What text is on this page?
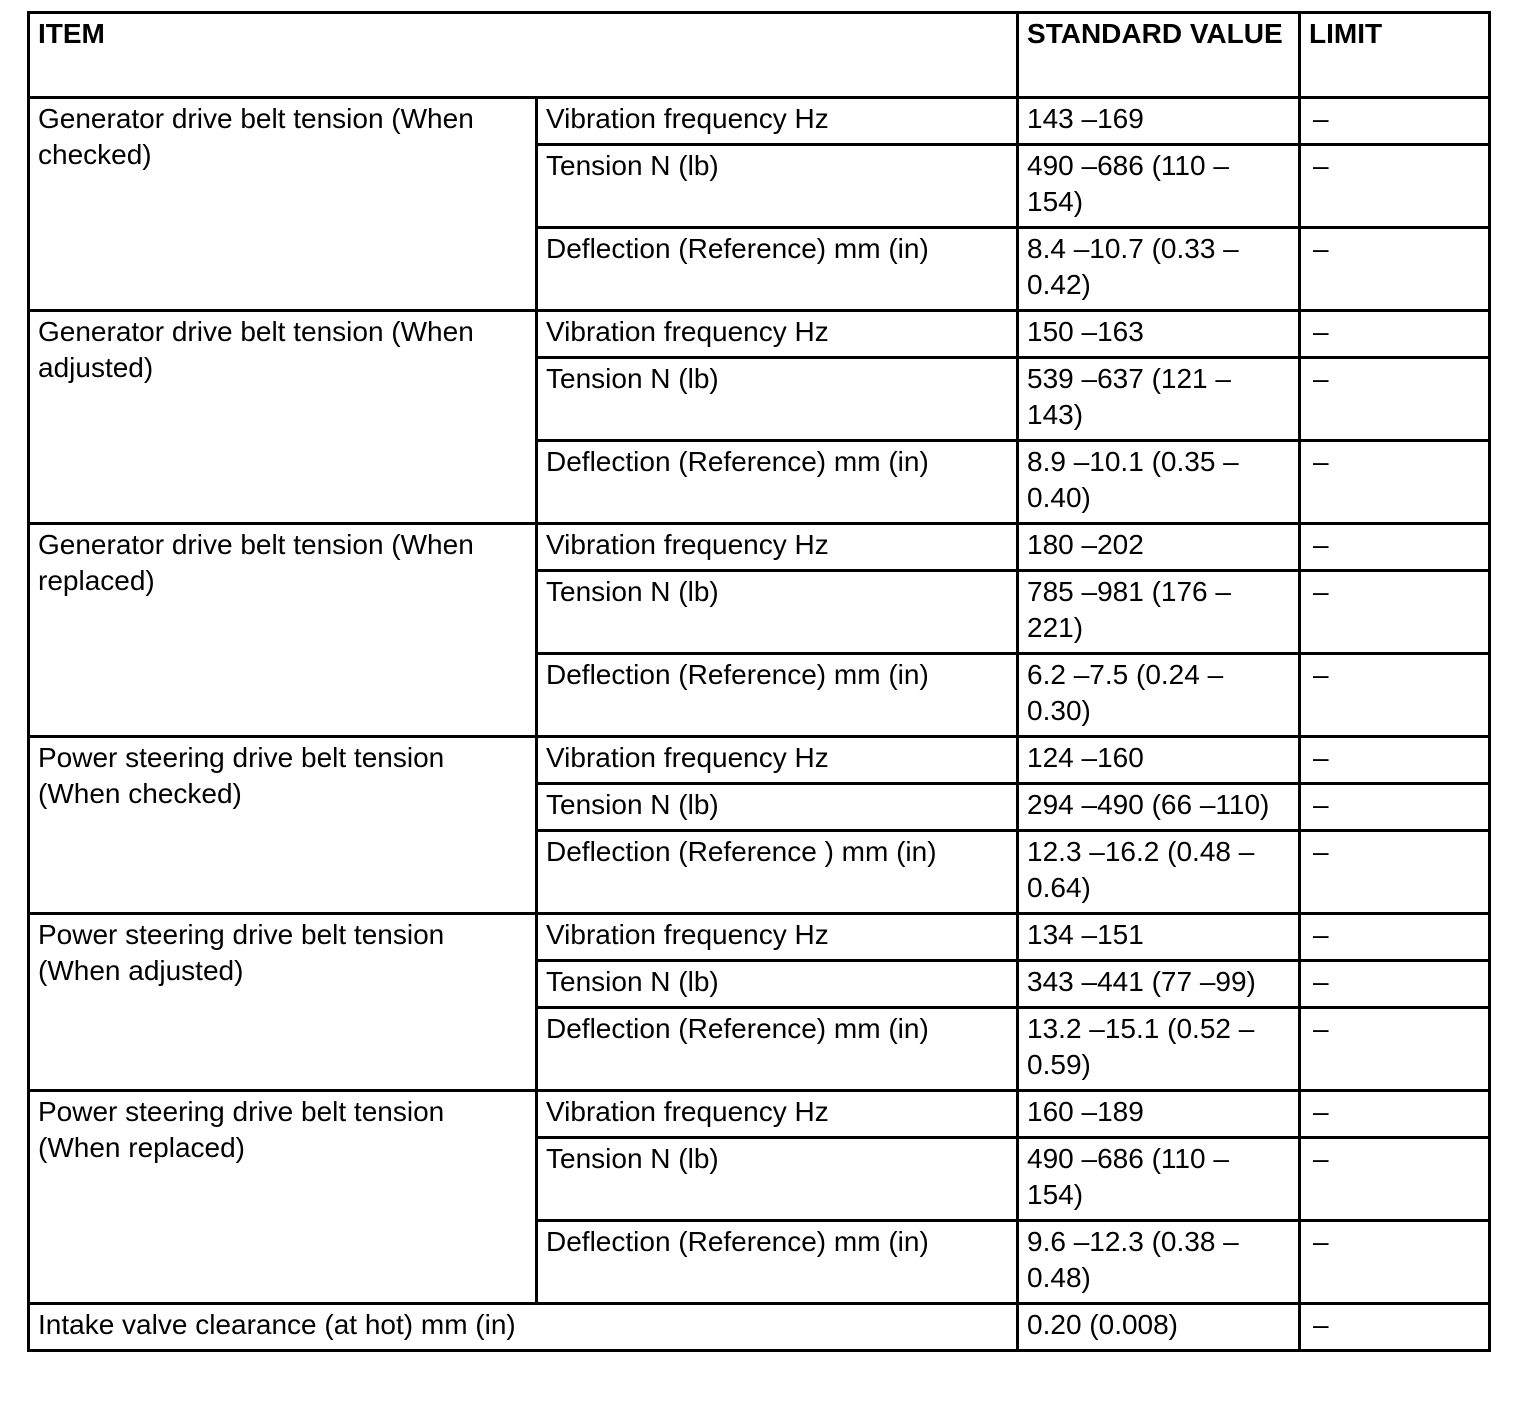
ITEM		STANDARD VALUE	LIMIT
Generator drive belt tension (When checked)	Vibration frequency Hz	143 –169	–
	Tension N (lb)	490 –686 (110 – 154)	–
	Deflection (Reference) mm (in)	8.4 –10.7 (0.33 – 0.42)	–
Generator drive belt tension (When adjusted)	Vibration frequency Hz	150 –163	–
	Tension N (lb)	539 –637 (121 – 143)	–
	Deflection (Reference) mm (in)	8.9 –10.1 (0.35 – 0.40)	–
Generator drive belt tension (When replaced)	Vibration frequency Hz	180 –202	–
	Tension N (lb)	785 –981 (176 – 221)	–
	Deflection (Reference) mm (in)	6.2 –7.5 (0.24 – 0.30)	–
Power steering drive belt tension (When checked)	Vibration frequency Hz	124 –160	–
	Tension N (lb)	294 –490 (66 –110)	–
	Deflection (Reference ) mm (in)	12.3 –16.2 (0.48 – 0.64)	–
Power steering drive belt tension (When adjusted)	Vibration frequency Hz	134 –151	–
	Tension N (lb)	343 –441 (77 –99)	–
	Deflection (Reference) mm (in)	13.2 –15.1 (0.52 – 0.59)	–
Power steering drive belt tension (When replaced)	Vibration frequency Hz	160 –189	–
	Tension N (lb)	490 –686 (110 – 154)	–
	Deflection (Reference) mm (in)	9.6 –12.3 (0.38 – 0.48)	–
Intake valve clearance (at hot) mm (in)		0.20 (0.008)	–
